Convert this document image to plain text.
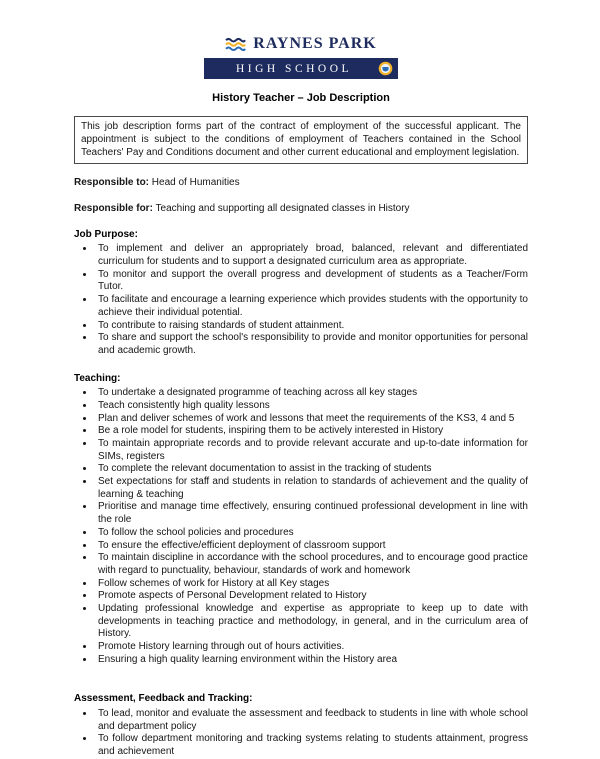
RAYNES PARK
HIGH SCHOOL
History Teacher – Job Description
This job description forms part of the contract of employment of the successful applicant. The appointment is subject to the conditions of employment of Teachers contained in the School Teachers' Pay and Conditions document and other current educational and employment legislation.

Responsible to: Head of Humanities

Responsible for: Teaching and supporting all designated classes in History

Job Purpose:
• To implement and deliver an appropriately broad, balanced, relevant and differentiated curriculum for students and to support a designated curriculum area as appropriate.
• To monitor and support the overall progress and development of students as a Teacher/Form Tutor.
• To facilitate and encourage a learning experience which provides students with the opportunity to achieve their individual potential.
• To contribute to raising standards of student attainment.
• To share and support the school's responsibility to provide and monitor opportunities for personal and academic growth.
Teaching:
• To undertake a designated programme of teaching across all key stages
• Teach consistently high quality lessons
• Plan and deliver schemes of work and lessons that meet the requirements of the KS3, 4 and 5
• Be a role model for students, inspiring them to be actively interested in History
• To maintain appropriate records and to provide relevant accurate and up-to-date information for SIMs, registers
• To complete the relevant documentation to assist in the tracking of students
• Set expectations for staff and students in relation to standards of achievement and the quality of learning & teaching
• Prioritise and manage time effectively, ensuring continued professional development in line with the role
• To follow the school policies and procedures
• To ensure the effective/efficient deployment of classroom support
• To maintain discipline in accordance with the school procedures, and to encourage good practice with regard to punctuality, behaviour, standards of work and homework
• Follow schemes of work for History at all Key stages
• Promote aspects of Personal Development related to History
• Updating professional knowledge and expertise as appropriate to keep up to date with developments in teaching practice and methodology, in general, and in the curriculum area of History.
• Promote History learning through out of hours activities.
• Ensuring a high quality learning environment within the History area
Assessment, Feedback and Tracking:
• To lead, monitor and evaluate the assessment and feedback to students in line with whole school and department policy
• To follow department monitoring and tracking systems relating to students attainment, progress and achievement
